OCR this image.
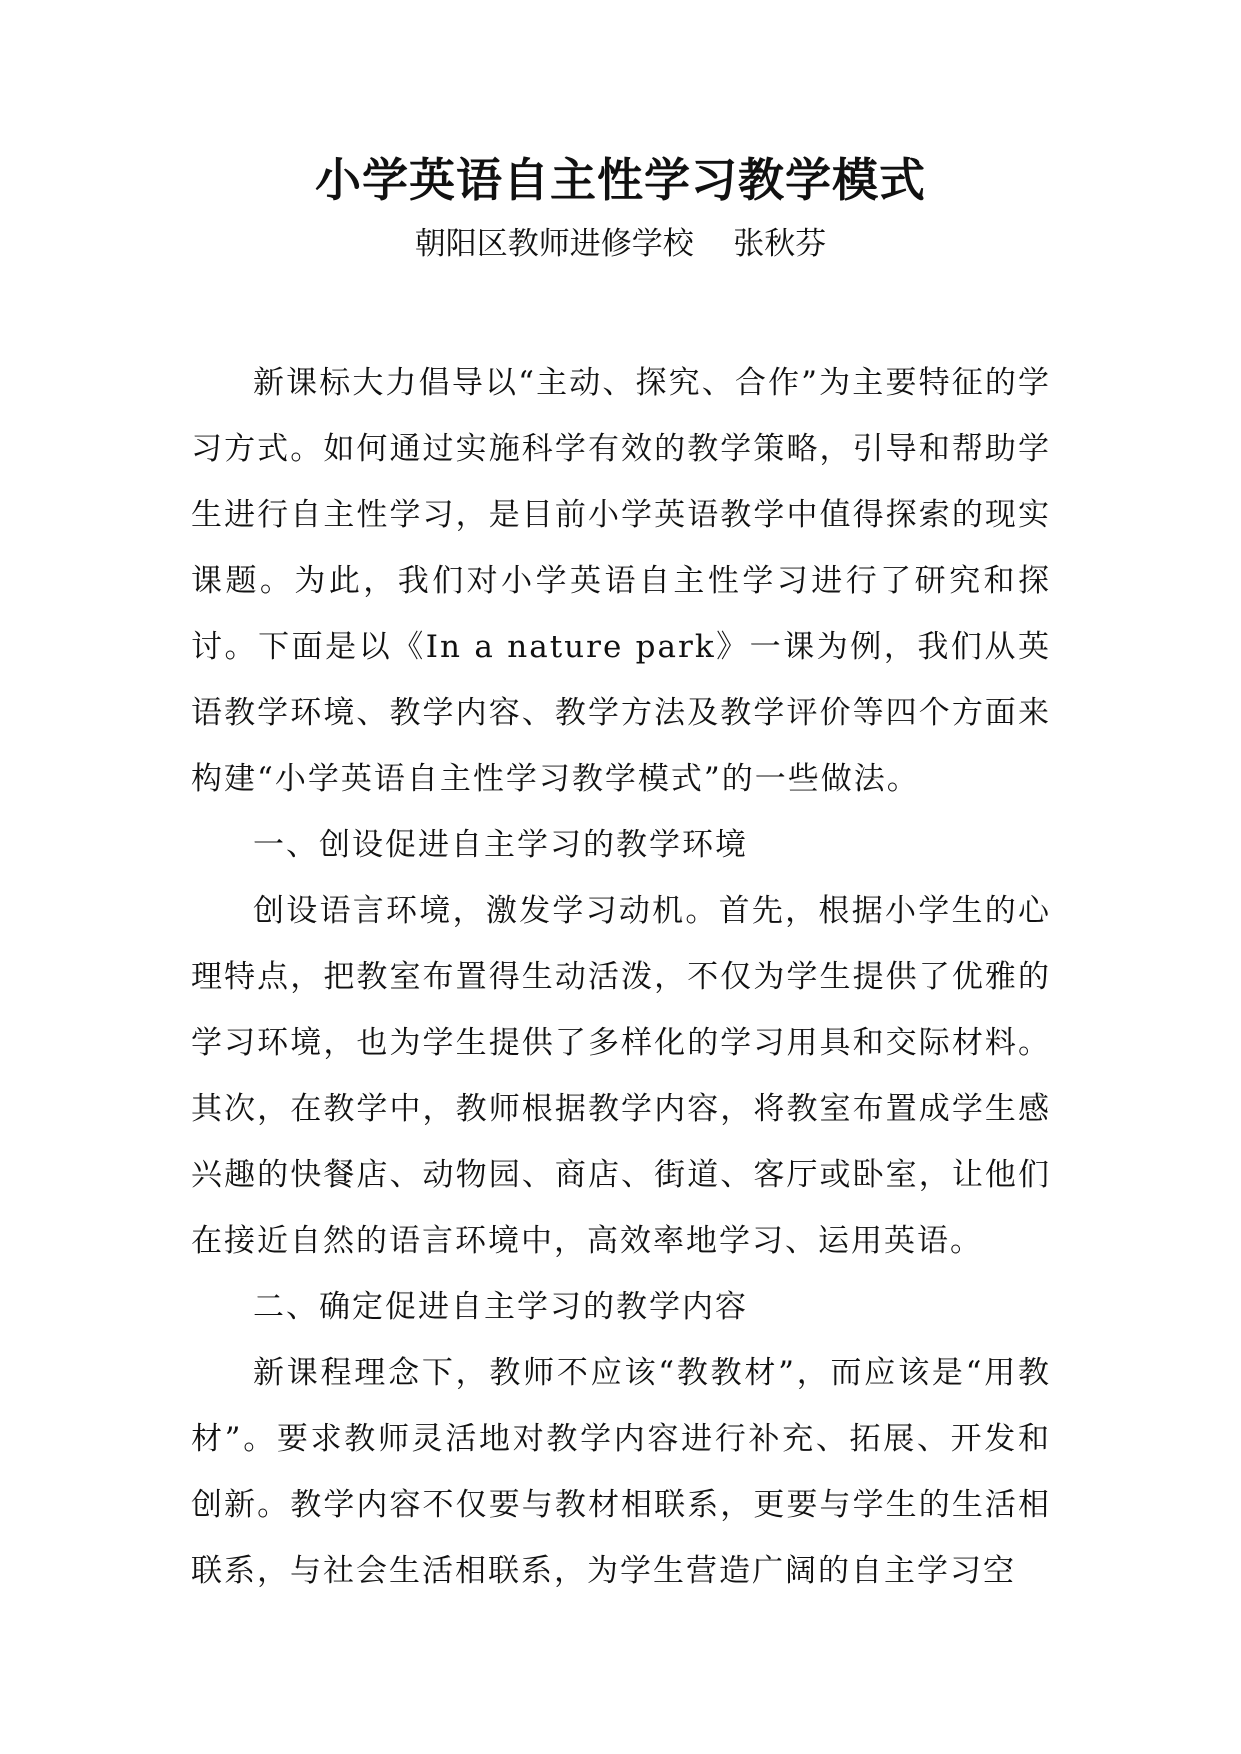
小学英语自主性学习教学模式
朝阳区教师进修学校    张秋芬

新课标大力倡导以“主动、探究、合作”为主要特征的学习方式。如何通过实施科学有效的教学策略，引导和帮助学生进行自主性学习，是目前小学英语教学中值得探索的现实课题。为此，我们对小学英语自主性学习进行了研究和探讨。下面是以《In a nature park》一课为例，我们从英语教学环境、教学内容、教学方法及教学评价等四个方面来构建“小学英语自主性学习教学模式”的一些做法。

一、创设促进自主学习的教学环境

创设语言环境，激发学习动机。首先，根据小学生的心理特点，把教室布置得生动活泼，不仅为学生提供了优雅的学习环境，也为学生提供了多样化的学习用具和交际材料。其次，在教学中，教师根据教学内容，将教室布置成学生感兴趣的快餐店、动物园、商店、街道、客厅或卧室，让他们在接近自然的语言环境中，高效率地学习、运用英语。

二、确定促进自主学习的教学内容

新课程理念下，教师不应该“教教材”，而应该是“用教材”。要求教师灵活地对教学内容进行补充、拓展、开发和创新。教学内容不仅要与教材相联系，更要与学生的生活相联系，与社会生活相联系，为学生营造广阔的自主学习空
